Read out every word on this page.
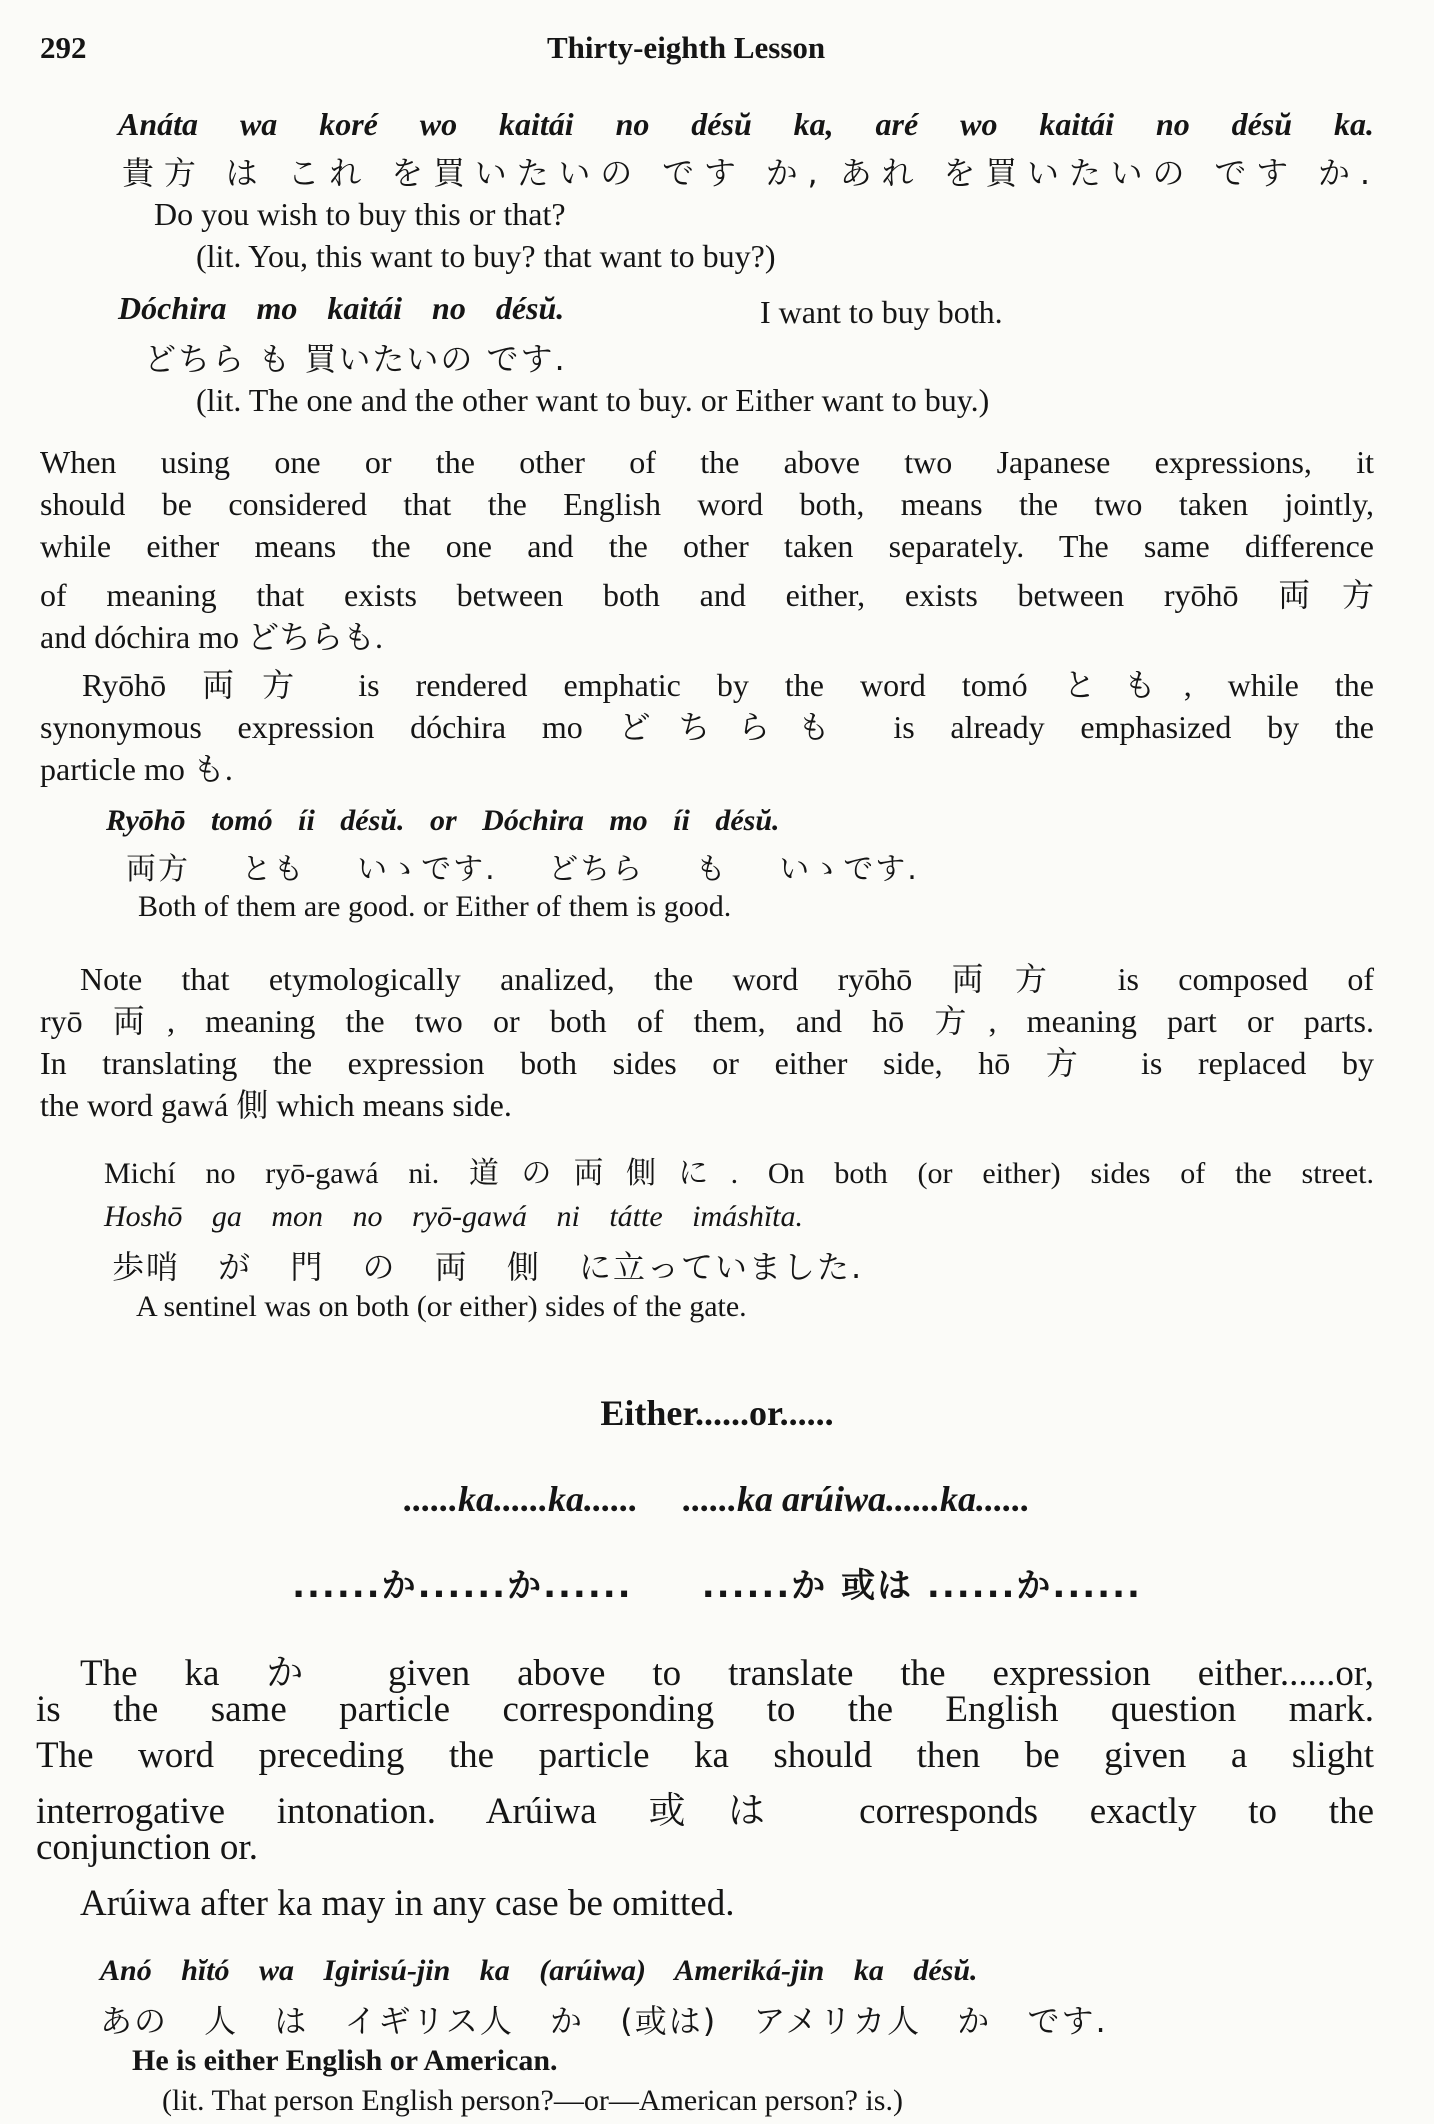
292	Thirty-eighth Lesson
Anáta wa koré wo kaitái no désŭ ka, aré wo kaitái no désŭ ka.
貴方 は これ を買いたいの です か, あれ を買いたいの です か.
Do you wish to buy this or that?
(lit. You, this want to buy? that want to buy?)
Dóchira mo kaitái no désŭ.	I want to buy both.
どちら も 買いたいの です.
(lit. The one and the other want to buy. or Either want to buy.)
When using one or the other of the above two Japanese expressions, it
should be considered that the English word both, means the two taken jointly,
while either means the one and the other taken separately. The same difference
of meaning that exists between both and either, exists between ryōhō 両方
and dóchira mo どちらも.
Ryōhō 両方 is rendered emphatic by the word tomó とも, while the
synonymous expression dóchira mo どちらも is already emphasized by the
particle mo も.
Ryōhō tomó íi désŭ. or Dóchira mo íi désŭ.
両方 とも いゝです. どちら も いゝです.
Both of them are good. or Either of them is good.
Note that etymologically analized, the word ryōhō 両方 is composed of
ryō 両, meaning the two or both of them, and hō 方, meaning part or parts.
In translating the expression both sides or either side, hō 方 is replaced by
the word gawá 側 which means side.
Michí no ryō-gawá ni. 道の両側に. On both (or either) sides of the street.
Hoshō ga mon no ryō-gawá ni tátte imáshĭta.
歩哨 が 門 の 両 側 に立っていました.
A sentinel was on both (or either) sides of the gate.
Either......or......
......ka......ka......     ......ka arúiwa......ka......
......か......か......     ......か 或は ......か......
The ka か given above to translate the expression either......or,
is the same particle corresponding to the English question mark.
The word preceding the particle ka should then be given a slight
interrogative intonation. Arúiwa 或は corresponds exactly to the
conjunction or.
Arúiwa after ka may in any case be omitted.
Anó hĭtó wa Igirisú-jin ka (arúiwa) Ameriká-jin ka désŭ.
あの 人 は イギリス人 か (或は) アメリカ人 か です.
He is either English or American.
(lit. That person English person?—or—American person? is.)
